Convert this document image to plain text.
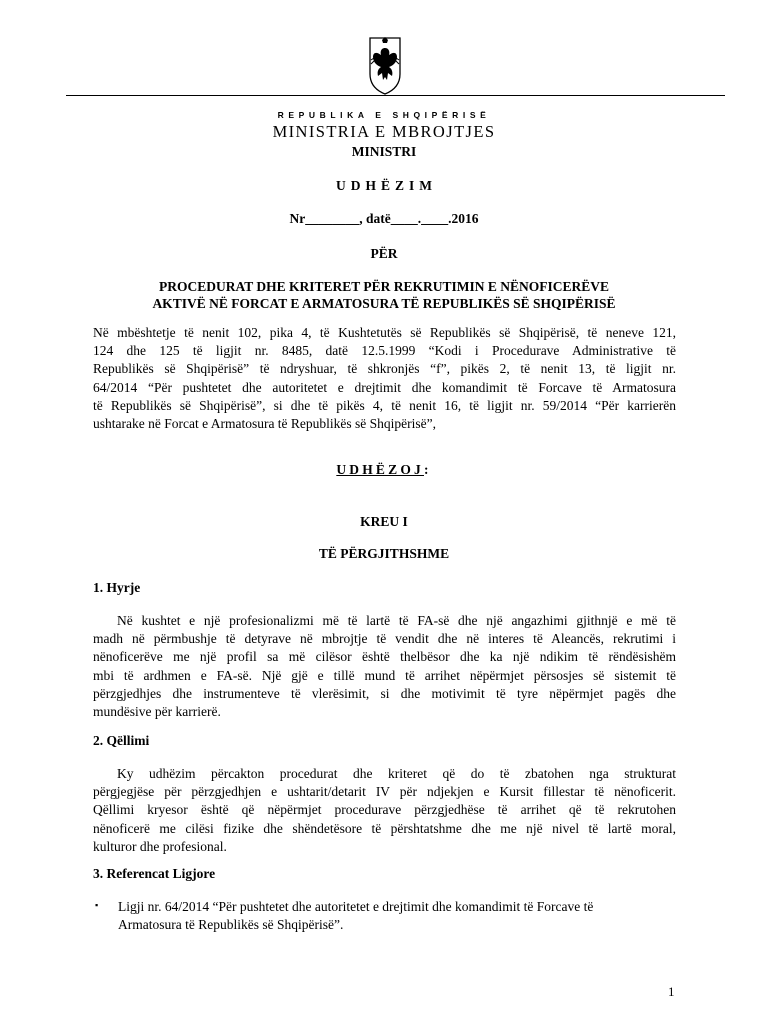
REPUBLIKA E SHQIPËRISË
MINISTRIA E MBROJTJES
MINISTRI
UDHËZIM
Nr________, datë____.____.2016
PËR
PROCEDURAT DHE KRITERET PËR REKRUTIMIN E NËNOFICERËVE
AKTIVË NË FORCAT E ARMATOSURA TË REPUBLIKËS SË SHQIPËRISË
Në mbështetje të nenit 102, pika 4, të Kushtetutës së Republikës së Shqipërisë, të neneve 121,
124 dhe 125 të ligjit nr. 8485, datë 12.5.1999 “Kodi i Procedurave Administrative të
Republikës së Shqipërisë” të ndryshuar, të shkronjës “f”, pikës 2, të nenit 13, të ligjit nr.
64/2014 “Për pushtetet dhe autoritetet e drejtimit dhe komandimit të Forcave të Armatosura
të Republikës së Shqipërisë”, si dhe të pikës 4, të nenit 16, të ligjit nr. 59/2014 “Për karrierën
ushtarake në Forcat e Armatosura të Republikës së Shqipërisë”,
UDHËZOJ:
KREU I
TË PËRGJITHSHME
1. Hyrje
Në kushtet e një profesionalizmi më të lartë të FA-së dhe një angazhimi gjithnjë e më të
madh në përmbushje të detyrave në mbrojtje të vendit dhe në interes të Aleancës, rekrutimi i
nënoficerëve me një profil sa më cilësor është thelbësor dhe ka një ndikim të rëndësishëm
mbi të ardhmen e FA-së. Një gjë e tillë mund të arrihet nëpërmjet përsosjes së sistemit të
përzgjedhjes dhe instrumenteve të vlerësimit, si dhe motivimit të tyre nëpërmjet pagës dhe
mundësive për karrierë.
2. Qëllimi
Ky udhëzim përcakton procedurat dhe kriteret që do të zbatohen nga strukturat
përgjegjëse për përzgjedhjen e ushtarit/detarit IV për ndjekjen e Kursit fillestar të nënoficerit.
Qëllimi kryesor është që nëpërmjet procedurave përzgjedhëse të arrihet që të rekrutohen
nënoficerë me cilësi fizike dhe shëndetësore të përshtatshme dhe me një nivel të lartë moral,
kulturor dhe profesional.
3. Referencat Ligjore
▪ Ligji nr. 64/2014 “Për pushtetet dhe autoritetet e drejtimit dhe komandimit të Forcave të
Armatosura të Republikës së Shqipërisë”.
1
